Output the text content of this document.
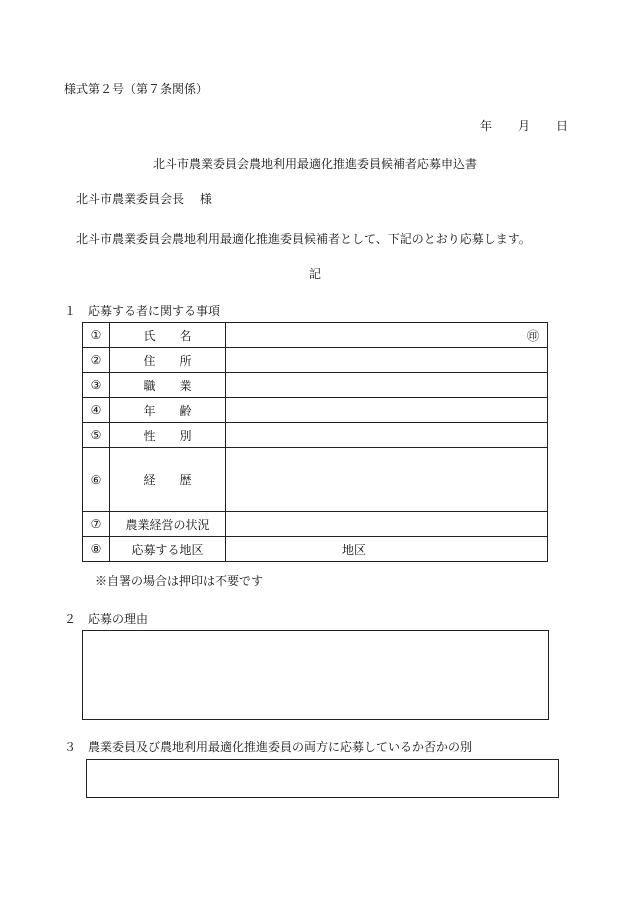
様式第２号（第７条関係）
年 月 日
北斗市農業委員会農地利用最適化推進委員候補者応募申込書
北斗市農業委員会長　 様
北斗市農業委員会農地利用最適化推進委員候補者として、下記のとおり応募します。
記
１　応募する者に関する事項
①	氏　　名	㊞

②	住　　所	
③	職　　業	
④	年　　齢	
⑤	性　　別	
⑥	経　　歴	
⑦	農業経営の状況	
⑧	応募する地区	地区
※自署の場合は押印は不要です
２　応募の理由
３　農業委員及び農地利用最適化推進委員の両方に応募しているか否かの別
